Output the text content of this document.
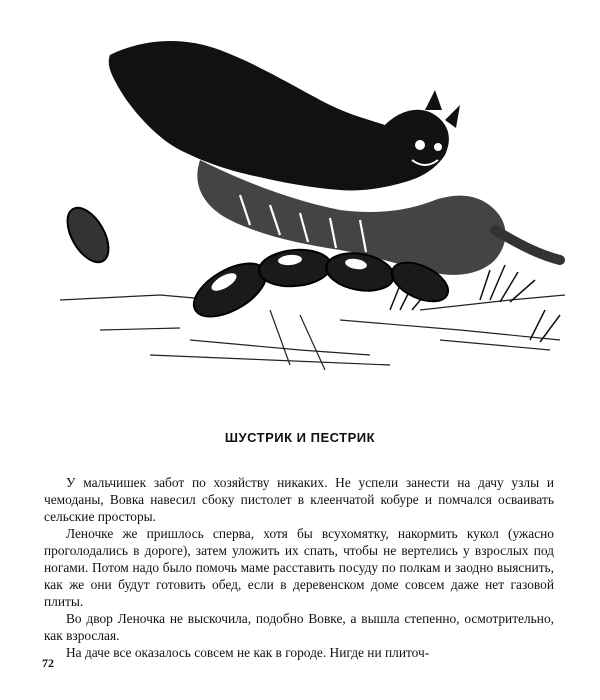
ШУСТРИК И ПЕСТРИК

У мальчишек забот по хозяйству никаких. Не успели занести на дачу узлы и чемоданы, Вовка навесил сбоку пистолет в клеенчатой кобуре и помчался осваивать сельские просторы.

Леночке же пришлось сперва, хотя бы всухомятку, накормить кукол (ужасно проголодались в дороге), затем уложить их спать, чтобы не вертелись у взрослых под ногами. Потом надо было помочь маме расставить посуду по полкам и заодно выяснить, как же они будут готовить обед, если в деревенском доме совсем даже нет газовой плиты.

Во двор Леночка не выскочила, подобно Вовке, а вышла степенно, осмотрительно, как взрослая.

На даче все оказалось совсем не как в городе. Нигде ни плиточ-

72
